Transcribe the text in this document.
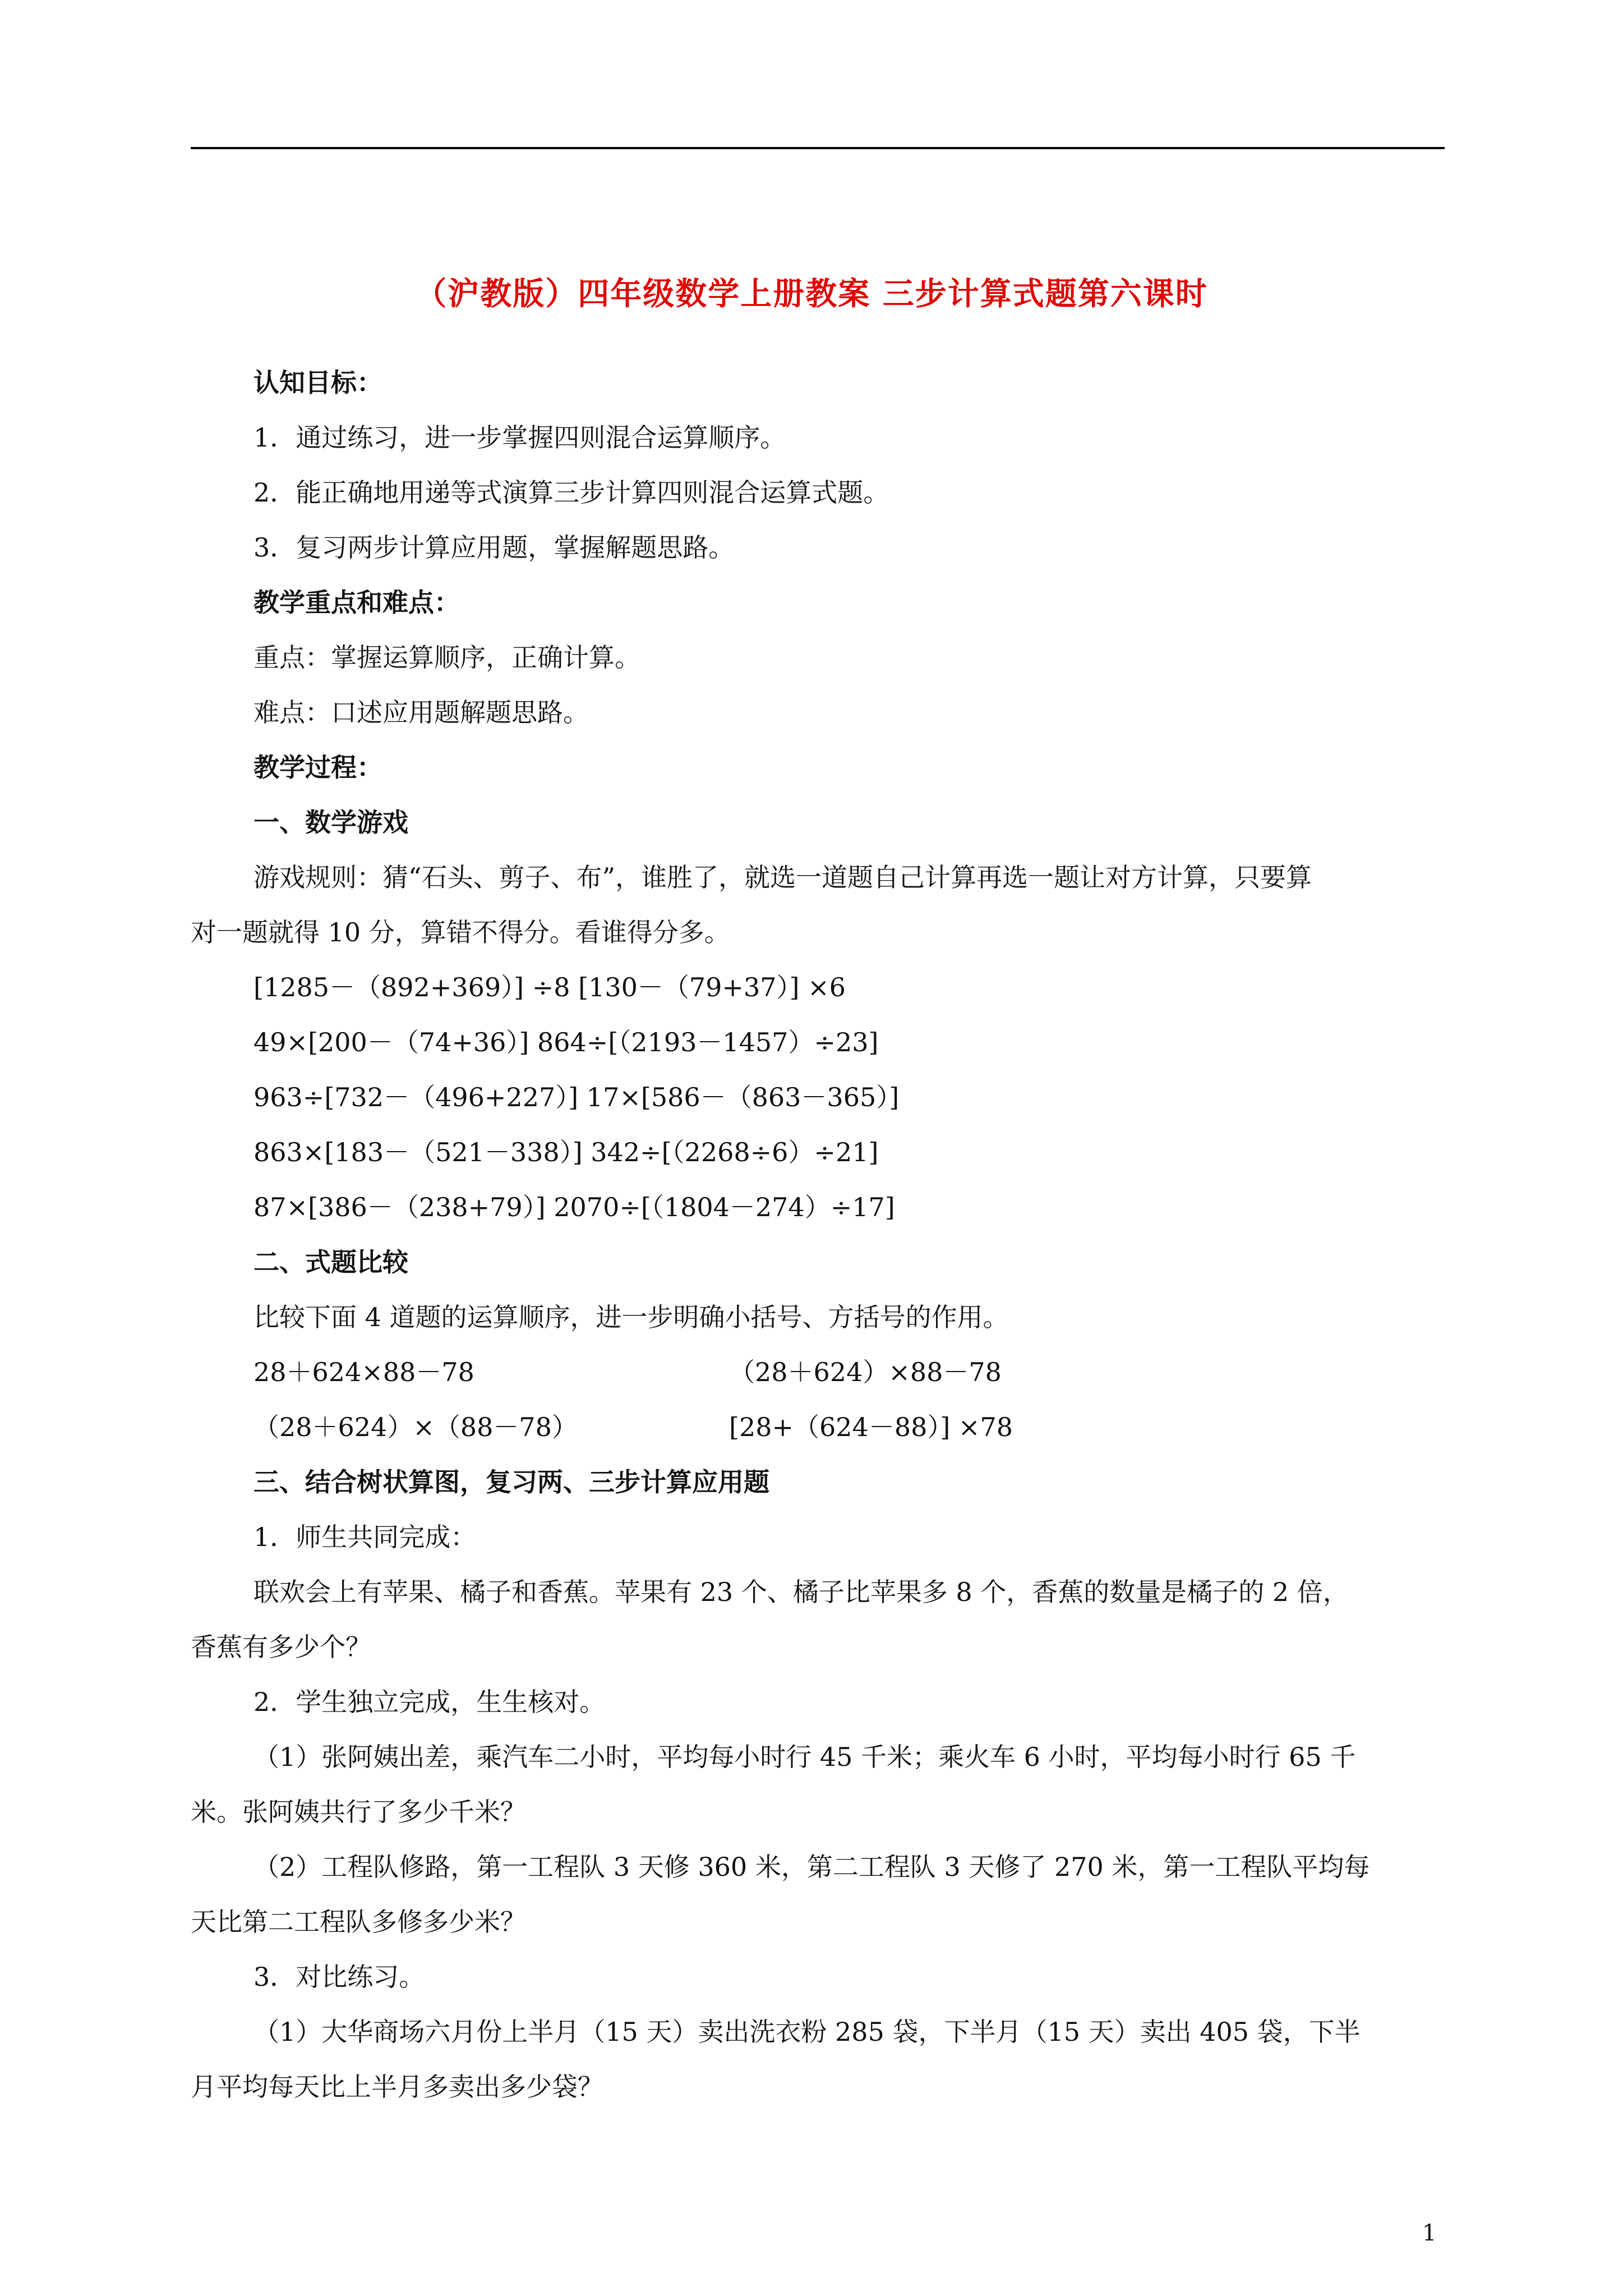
（沪教版）四年级数学上册教案 三步计算式题第六课时
认知目标：
1．通过练习，进一步掌握四则混合运算顺序。
2．能正确地用递等式演算三步计算四则混合运算式题。
3．复习两步计算应用题，掌握解题思路。
教学重点和难点：
重点：掌握运算顺序，正确计算。
难点：口述应用题解题思路。
教学过程：
一、数学游戏
游戏规则：猜“石头、剪子、布”，谁胜了，就选一道题自己计算再选一题让对方计算，只要算
对一题就得 10 分，算错不得分。看谁得分多。
[1285－（892+369）] ÷8 [130－（79+37）] ×6
49×[200－（74+36）] 864÷[（2193－1457）÷23]
963÷[732－（496+227）] 17×[586－（863－365）]
863×[183－（521－338）] 342÷[（2268÷6）÷21]
87×[386－（238+79）] 2070÷[（1804－274）÷17]
二、式题比较
比较下面 4 道题的运算顺序，进一步明确小括号、方括号的作用。
28＋624×88－78	（28＋624）×88－78
（28＋624）×（88－78）	[28+（624－88）] ×78
三、结合树状算图，复习两、三步计算应用题
1．师生共同完成：
联欢会上有苹果、橘子和香蕉。苹果有 23 个、橘子比苹果多 8 个，香蕉的数量是橘子的 2 倍，
香蕉有多少个？
2．学生独立完成，生生核对。
（1）张阿姨出差，乘汽车二小时，平均每小时行 45 千米；乘火车 6 小时，平均每小时行 65 千
米。张阿姨共行了多少千米？
（2）工程队修路，第一工程队 3 天修 360 米，第二工程队 3 天修了 270 米，第一工程队平均每
天比第二工程队多修多少米？
3．对比练习。
（1）大华商场六月份上半月（15 天）卖出洗衣粉 285 袋，下半月（15 天）卖出 405 袋，下半
月平均每天比上半月多卖出多少袋？
1
